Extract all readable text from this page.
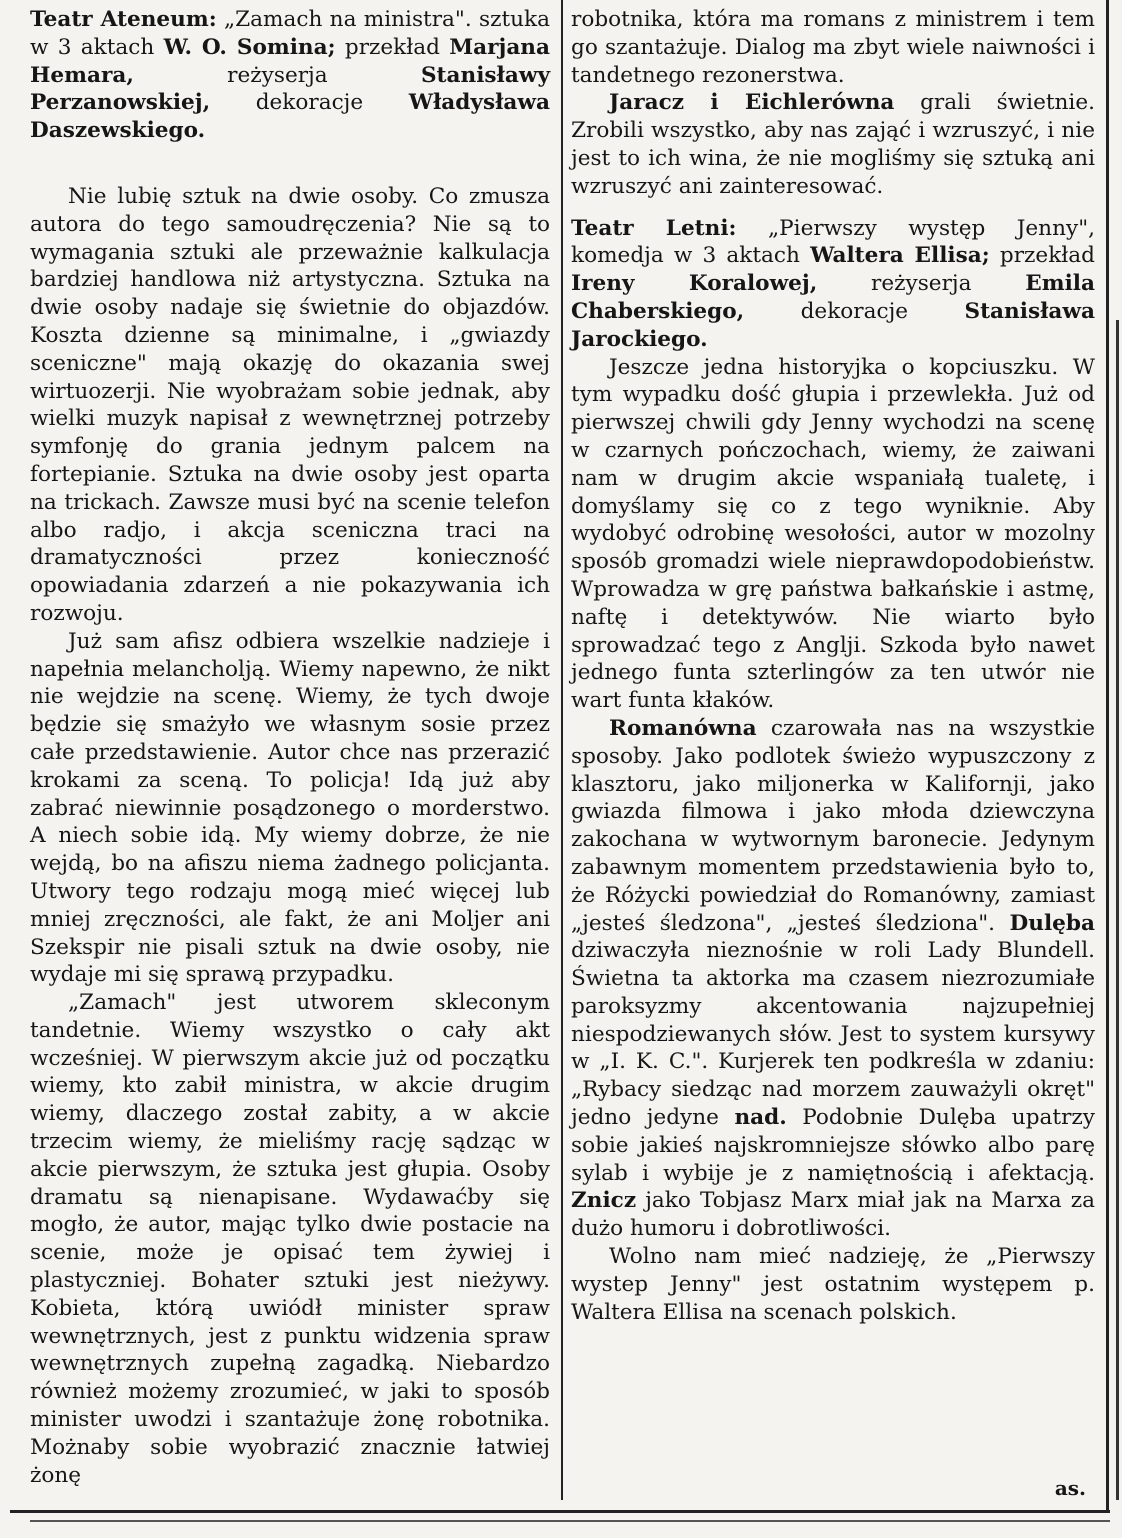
Teatr Ateneum: „Zamach na ministra". sztuka w 3 aktach W. O. Somina; przekład Marjana Hemara, reżyserja Stanisławy Perzanowskiej, dekoracje Władysława Daszewskiego.

Nie lubię sztuk na dwie osoby. Co zmusza autora do tego samoudręczenia? Nie są to wymagania sztuki ale przeważnie kalkulacja bardziej handlowa niż artystyczna. Sztuka na dwie osoby nadaje się świetnie do objazdów. Koszta dzienne są minimalne, i „gwiazdy sceniczne" mają okazję do okazania swej wirtuozerji. Nie wyobrażam sobie jednak, aby wielki muzyk napisał z wewnętrznej potrzeby symfonję do grania jednym palcem na fortepianie. Sztuka na dwie osoby jest oparta na trickach. Zawsze musi być na scenie telefon albo radjo, i akcja sceniczna traci na dramatyczności przez konieczność opowiadania zdarzeń a nie pokazywania ich rozwoju.

Już sam afisz odbiera wszelkie nadzieje i napełnia melancholją. Wiemy napewno, że nikt nie wejdzie na scenę. Wiemy, że tych dwoje będzie się smażyło we własnym sosie przez całe przedstawienie. Autor chce nas przerazić krokami za sceną. To policja! Idą już aby zabrać niewinnie posądzonego o morderstwo. A niech sobie idą. My wiemy dobrze, że nie wejdą, bo na afiszu niema żadnego policjanta. Utwory tego rodzaju mogą mieć więcej lub mniej zręczności, ale fakt, że ani Moljer ani Szekspir nie pisali sztuk na dwie osoby, nie wydaje mi się sprawą przypadku.

„Zamach" jest utworem skleconym tandetnie. Wiemy wszystko o cały akt wcześniej. W pierwszym akcie już od początku wiemy, kto zabił ministra, w akcie drugim wiemy, dlaczego został zabity, a w akcie trzecim wiemy, że mieliśmy rację sądząc w akcie pierwszym, że sztuka jest głupia. Osoby dramatu są nienapisane. Wydawaćby się mogło, że autor, mając tylko dwie postacie na scenie, może je opisać tem żywiej i plastyczniej. Bohater sztuki jest nieżywy. Kobieta, którą uwiódł minister spraw wewnętrznych, jest z punktu widzenia spraw wewnętrznych zupełną zagadką. Niebardzo również możemy zrozumieć, w jaki to sposób minister uwodzi i szantażuje żonę robotnika. Możnaby sobie wyobrazić znacznie łatwiej żonę

robotnika, która ma romans z ministrem i tem go szantażuje. Dialog ma zbyt wiele naiwności i tandetnego rezonerstwa.

Jaracz i Eichlerówna grali świetnie. Zrobili wszystko, aby nas zająć i wzruszyć, i nie jest to ich wina, że nie mogliśmy się sztuką ani wzruszyć ani zainteresować.

Teatr Letni: „Pierwszy występ Jenny", komedja w 3 aktach Waltera Ellisa; przekład Ireny Koralowej, reżyserja Emila Chaberskiego, dekoracje Stanisława Jarockiego.

Jeszcze jedna historyjka o kopciuszku. W tym wypadku dość głupia i przewlekła. Już od pierwszej chwili gdy Jenny wychodzi na scenę w czarnych pończochach, wiemy, że zaiwani nam w drugim akcie wspaniałą tualetę, i domyślamy się co z tego wyniknie. Aby wydobyć odrobinę wesołości, autor w mozolny sposób gromadzi wiele nieprawdopodobieństw. Wprowadza w grę państwa bałkańskie i astmę, naftę i detektywów. Nie wiarto było sprowadzać tego z Anglji. Szkoda było nawet jednego funta szterlingów za ten utwór nie wart funta kłaków.

Romanówna czarowała nas na wszystkie sposoby. Jako podlotek świeżo wypuszczony z klasztoru, jako miljonerka w Kalifornji, jako gwiazda filmowa i jako młoda dziewczyna zakochana w wytwornym baronecie. Jedynym zabawnym momentem przedstawienia było to, że Różycki powiedział do Romanówny, zamiast „jesteś śledzona", „jesteś śledziona". Dulęba dziwaczyła nieznośnie w roli Lady Blundell. Świetna ta aktorka ma czasem niezrozumiałe paroksyzmy akcentowania najzupełniej niespodziewanych słów. Jest to system kursywy w „I. K. C.". Kurjerek ten podkreśla w zdaniu: „Rybacy siedząc nad morzem zauważyli okręt" jedno jedyne nad. Podobnie Dulęba upatrzy sobie jakieś najskromniejsze słówko albo parę sylab i wybije je z namiętnością i afektacją. Znicz jako Tobjasz Marx miał jak na Marxa za dużo humoru i dobrotliwości.

Wolno nam mieć nadzieję, że „Pierwszy wystep Jenny" jest ostatnim występem p. Waltera Ellisa na scenach polskich.

as.
